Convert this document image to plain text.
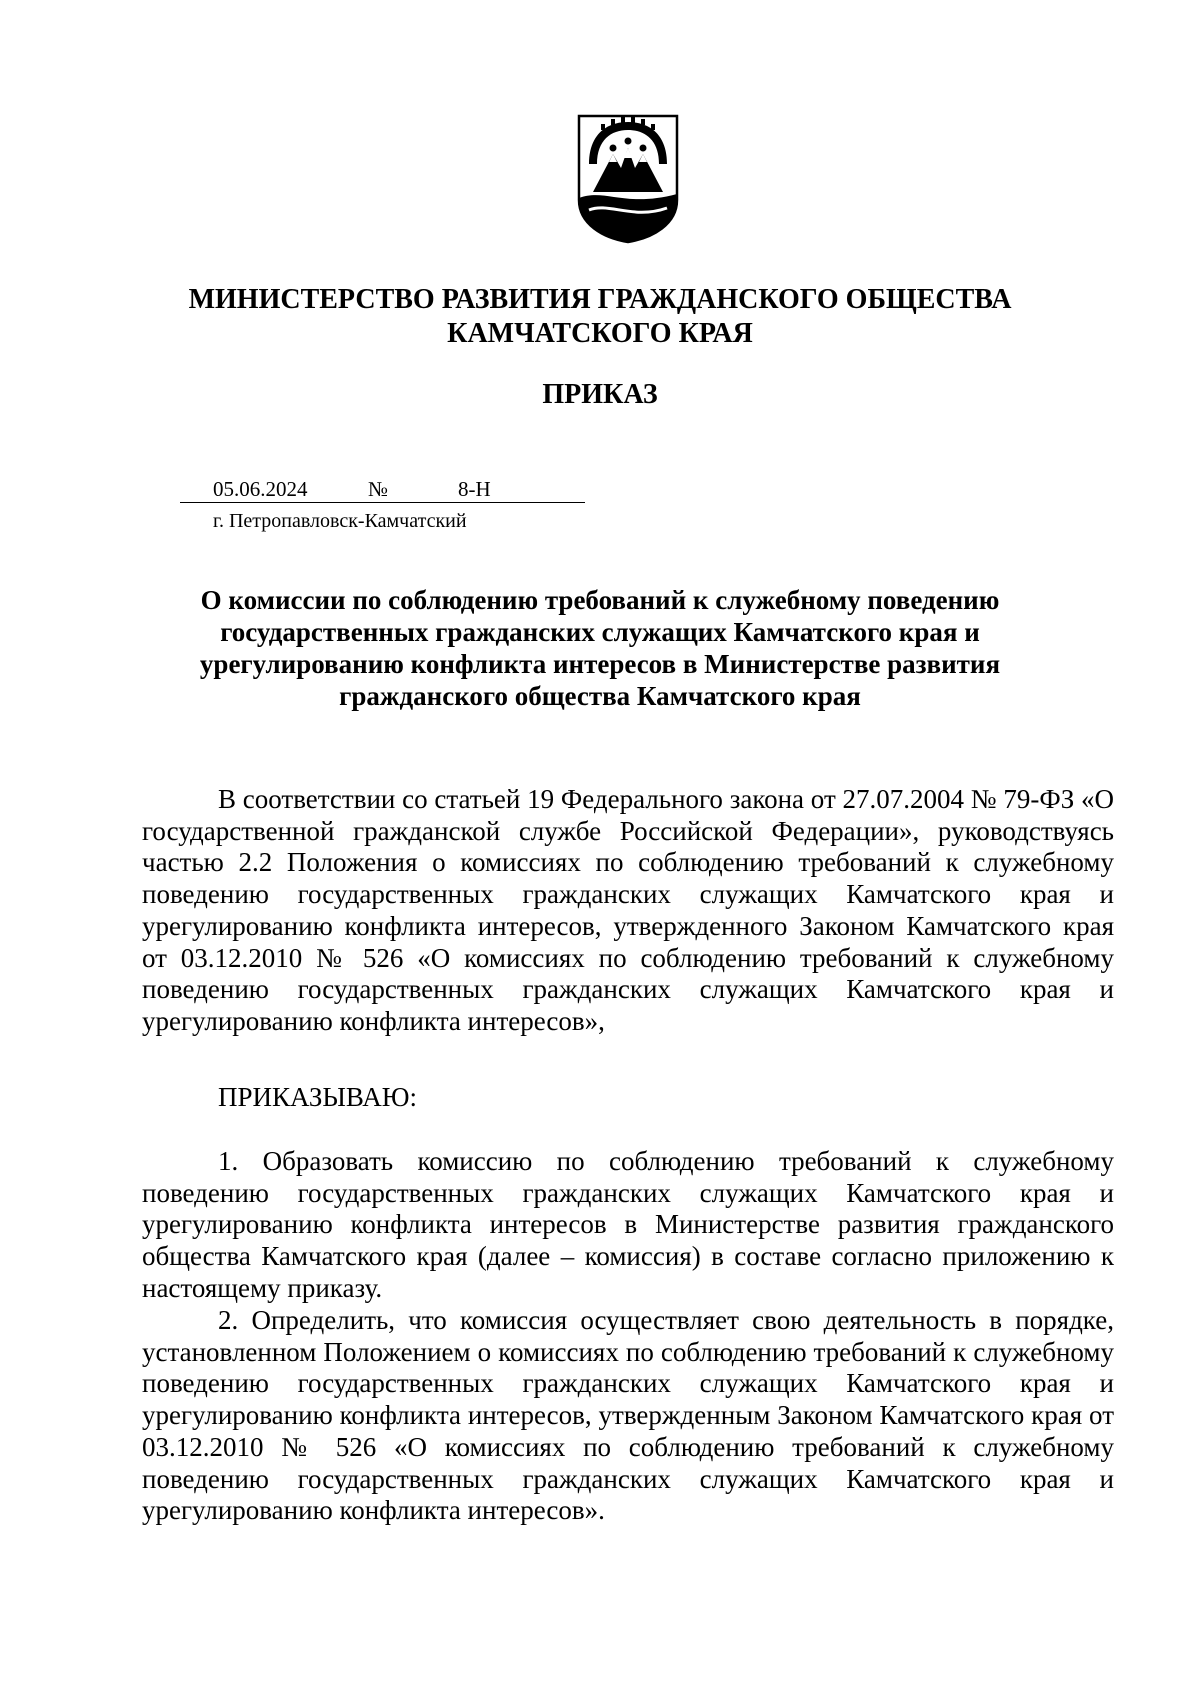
МИНИСТЕРСТВО РАЗВИТИЯ ГРАЖДАНСКОГО ОБЩЕСТВА
КАМЧАТСКОГО КРАЯ
ПРИКАЗ
05.06.2024	№	8-Н
г. Петропавловск-Камчатский
О комиссии по соблюдению требований к служебному поведению государственных гражданских служащих Камчатского края и урегулированию конфликта интересов в Министерстве развития гражданского общества Камчатского края

В соответствии со статьей 19 Федерального закона от 27.07.2004 № 79-ФЗ «О государственной гражданской службе Российской Федерации», руководствуясь частью 2.2 Положения о комиссиях по соблюдению требований к служебному поведению государственных гражданских служащих Камчатского края и урегулированию конфликта интересов, утвержденного Законом Камчатского края от 03.12.2010 № 526 «О комиссиях по соблюдению требований к служебному поведению государственных гражданских служащих Камчатского края и урегулированию конфликта интересов»,

ПРИКАЗЫВАЮ:

1. Образовать комиссию по соблюдению требований к служебному поведению государственных гражданских служащих Камчатского края и урегулированию конфликта интересов в Министерстве развития гражданского общества Камчатского края (далее – комиссия) в составе согласно приложению к настоящему приказу.

2. Определить, что комиссия осуществляет свою деятельность в порядке, установленном Положением о комиссиях по соблюдению требований к служебному поведению государственных гражданских служащих Камчатского края и урегулированию конфликта интересов, утвержденным Законом Камчатского края от 03.12.2010 № 526 «О комиссиях по соблюдению требований к служебному поведению государственных гражданских служащих Камчатского края и урегулированию конфликта интересов».
